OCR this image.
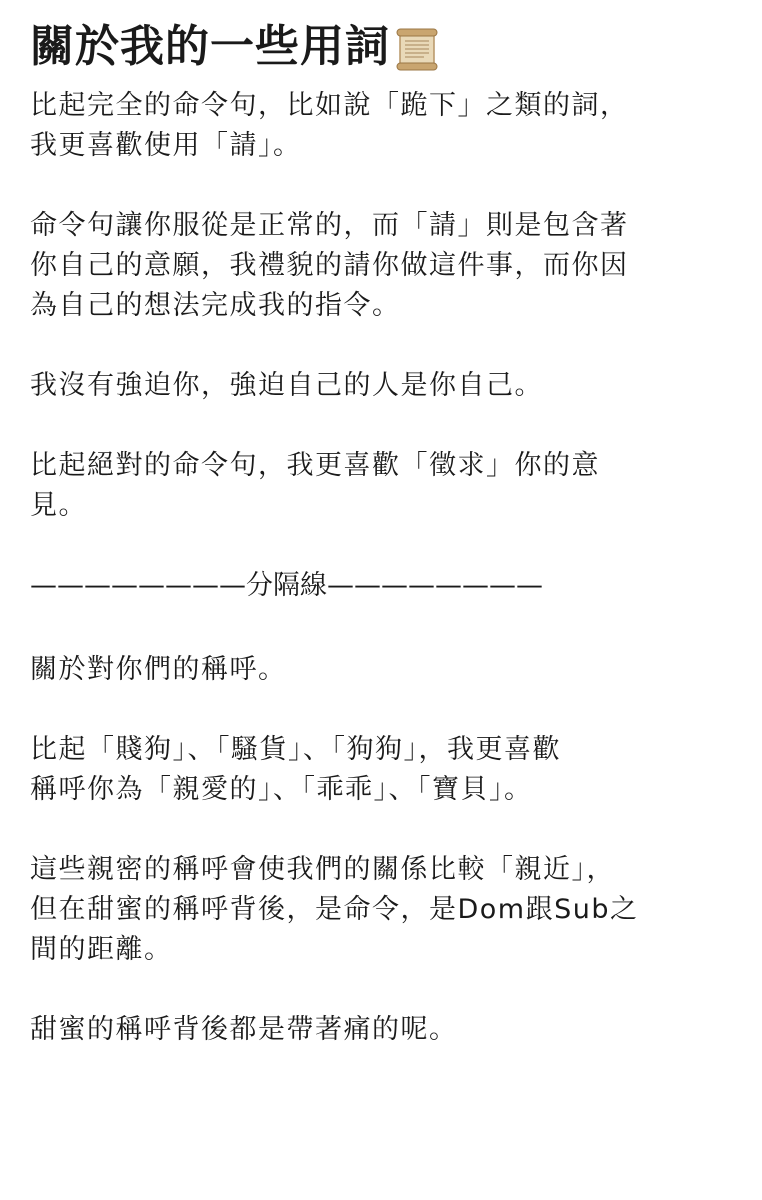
關於我的一些用詞
比起完全的命令句，比如說「跪下」之類的詞，
我更喜歡使用「請」。
命令句讓你服從是正常的，而「請」則是包含著
你自己的意願，我禮貌的請你做這件事，而你因
為自己的想法完成我的指令。
我沒有強迫你，強迫自己的人是你自己。
比起絕對的命令句，我更喜歡「徵求」你的意
見。
————————分隔線————————
關於對你們的稱呼。
比起「賤狗」、「騷貨」、「狗狗」，我更喜歡
稱呼你為「親愛的」、「乖乖」、「寶貝」。
這些親密的稱呼會使我們的關係比較「親近」，
但在甜蜜的稱呼背後，是命令，是Dom跟Sub之
間的距離。
甜蜜的稱呼背後都是帶著痛的呢。
